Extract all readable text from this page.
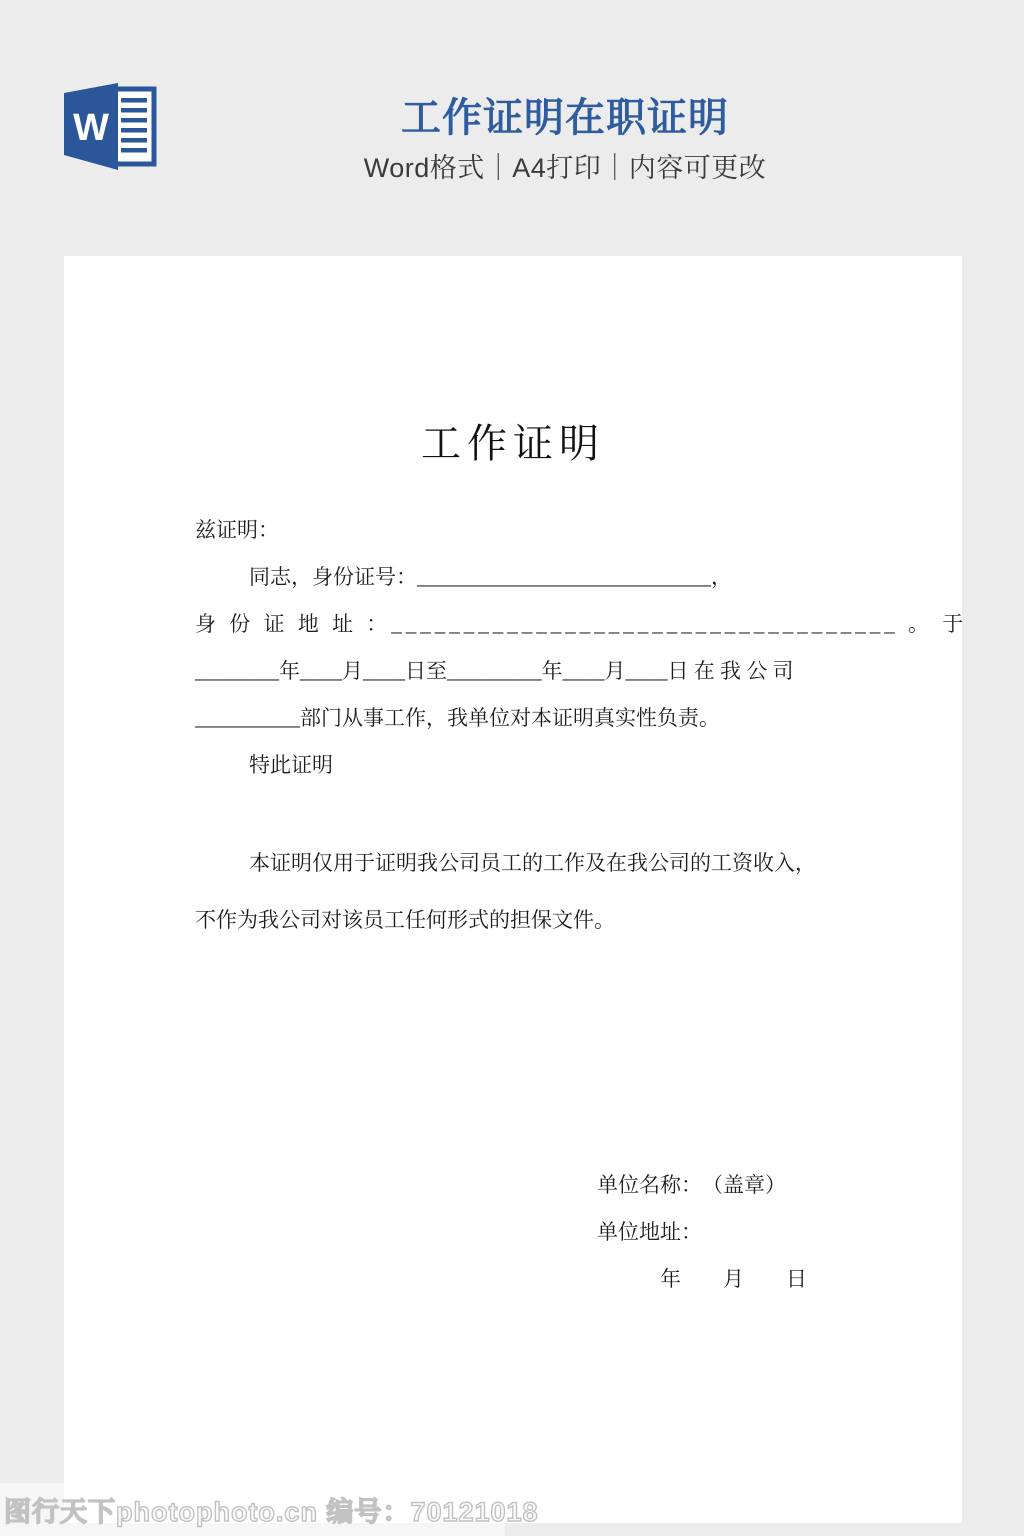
W	工作证明在职证明
Word格式｜A4打印｜内容可更改
工作证明
兹证明：
同志，身份证号：____________________________，
身 份 证 地 址 ：___________________________________ 。 于
________年____月____日至_________年____月____日 在 我 公 司
__________部门从事工作，我单位对本证明真实性负责。
特此证明
本证明仅用于证明我公司员工的工作及在我公司的工资收入，
不作为我公司对该员工任何形式的担保文件。
单位名称：　（盖章）
单位地址：
年　　月　　日
图行天下photophoto.cn 编号：70121018
